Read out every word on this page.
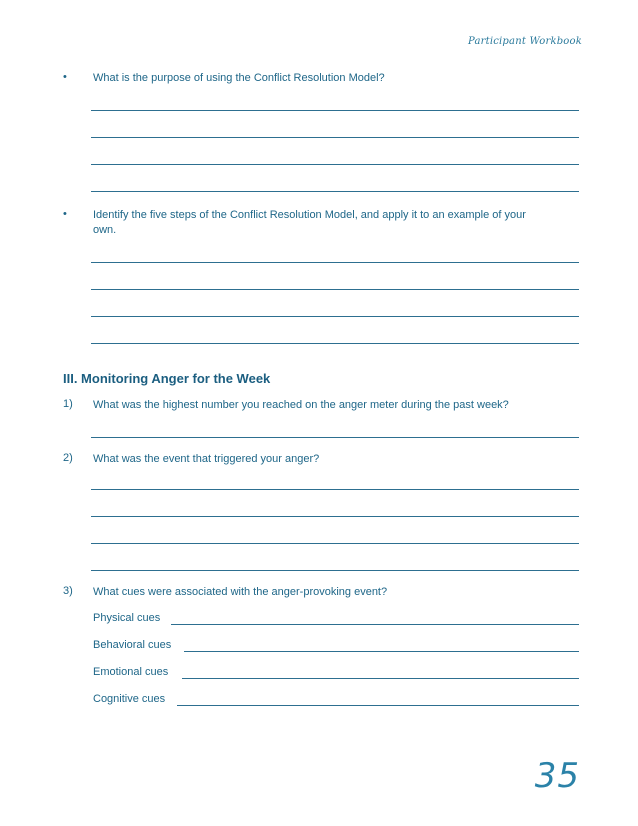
Participant Workbook
• What is the purpose of using the Conflict Resolution Model?
• Identify the five steps of the Conflict Resolution Model, and apply it to an example of your
own.
III. Monitoring Anger for the Week
1) What was the highest number you reached on the anger meter during the past week?
2) What was the event that triggered your anger?
3) What cues were associated with the anger-provoking event?
Physical cues
Behavioral cues
Emotional cues
Cognitive cues
35
